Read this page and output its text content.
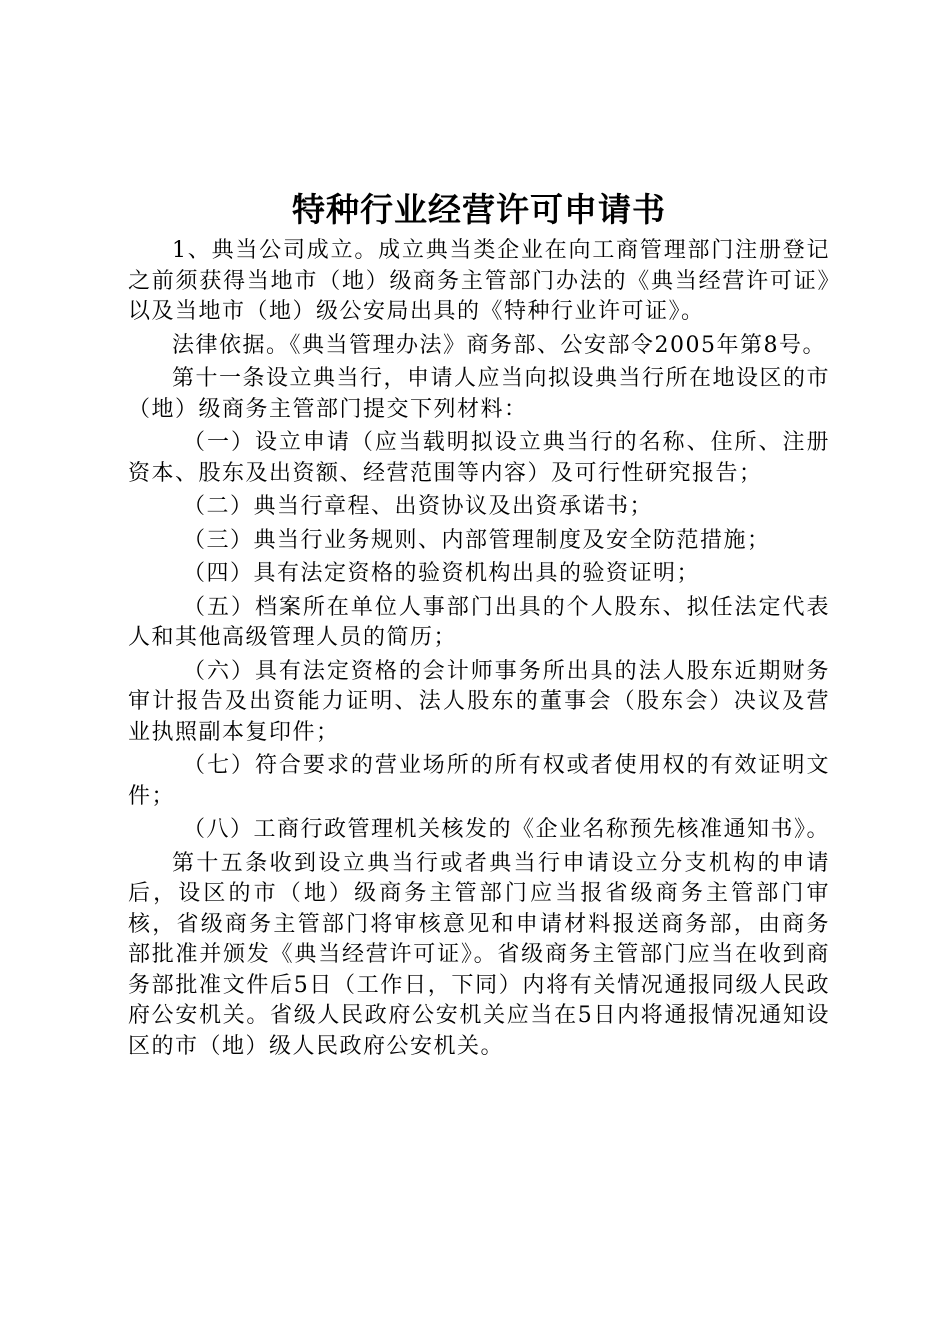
特种行业经营许可申请书

1、典当公司成立。成立典当类企业在向工商管理部门注册登记之前须获得当地市（地）级商务主管部门办法的《典当经营许可证》以及当地市（地）级公安局出具的《特种行业许可证》。

法律依据。《典当管理办法》商务部、公安部令2005年第8号。

第十一条设立典当行，申请人应当向拟设典当行所在地设区的市（地）级商务主管部门提交下列材料：

（一）设立申请（应当载明拟设立典当行的名称、住所、注册资本、股东及出资额、经营范围等内容）及可行性研究报告；

（二）典当行章程、出资协议及出资承诺书；

（三）典当行业务规则、内部管理制度及安全防范措施；

（四）具有法定资格的验资机构出具的验资证明；

（五）档案所在单位人事部门出具的个人股东、拟任法定代表人和其他高级管理人员的简历；

（六）具有法定资格的会计师事务所出具的法人股东近期财务审计报告及出资能力证明、法人股东的董事会（股东会）决议及营业执照副本复印件；

（七）符合要求的营业场所的所有权或者使用权的有效证明文件；

（八）工商行政管理机关核发的《企业名称预先核准通知书》。

第十五条收到设立典当行或者典当行申请设立分支机构的申请后，设区的市（地）级商务主管部门应当报省级商务主管部门审核，省级商务主管部门将审核意见和申请材料报送商务部，由商务部批准并颁发《典当经营许可证》。省级商务主管部门应当在收到商务部批准文件后5日（工作日，下同）内将有关情况通报同级人民政府公安机关。省级人民政府公安机关应当在5日内将通报情况通知设区的市（地）级人民政府公安机关。
